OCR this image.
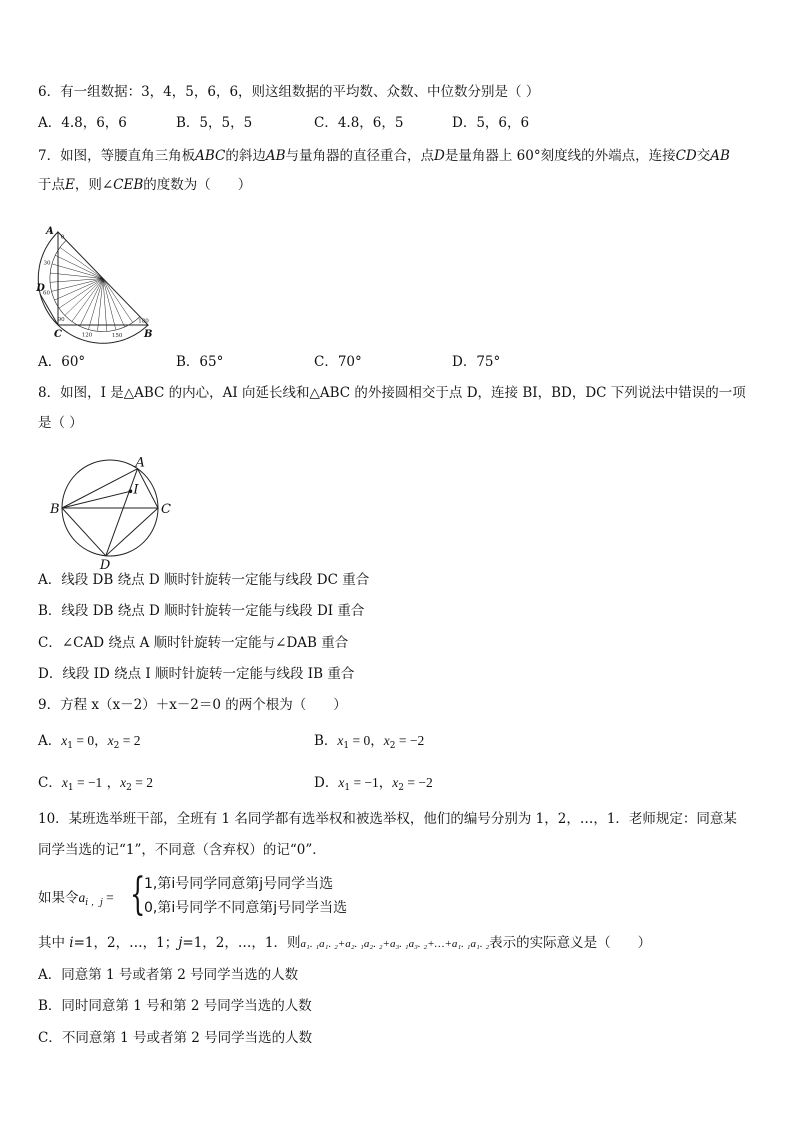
6．有一组数据：3，4，5，6，6，则这组数据的平均数、众数、中位数分别是（ ）
A．4.8，6，6	B．5，5，5	C．4.8，6，5	D．5，6，6
7．如图，等腰直角三角板ABC的斜边AB与量角器的直径重合，点D是量角器上 60°刻度线的外端点，连接CD交AB
于点E，则∠CEB的度数为（　　）
0
30
60
90
120	150
180
A
B
C
D
A．60°	B．65°	C．70°	D．75°
8．如图，I 是△ABC 的内心，AI 向延长线和△ABC 的外接圆相交于点 D，连接 BI，BD，DC 下列说法中错误的一项
是（ ）
A
B	C
D
I
A．线段 DB 绕点 D 顺时针旋转一定能与线段 DC 重合
B．线段 DB 绕点 D 顺时针旋转一定能与线段 DI 重合
C．∠CAD 绕点 A 顺时针旋转一定能与∠DAB 重合
D．线段 ID 绕点 I 顺时针旋转一定能与线段 IB 重合
9．方程 x（x－2）＋x－2＝0 的两个根为（　　）
A．$x_1 = 0$，$x_2 = 2$	B．$x_1 = 0$，$x_2 = -2$
C．$x_1 = -1$ ，$x_2 = 2$	D．$x_1 = -1$，$x_2 = -2$
10．某班选举班干部，全班有 1 名同学都有选举权和被选举权，他们的编号分别为 1，2，…，1．老师规定：同意某
同学当选的记“1”，不同意（含弃权）的记“0”．
如果令$a_{i ,j}$ = {
1,第i号同学同意第j号同学当选
0,第i号同学不同意第j号同学当选
其中 i=1，2，…，1；j=1，2，…，1．则a₁. ₁a₁. ₂+a₂. ₁a₂. ₂+a₃. ₁a₃. ₂+…+a₁. ₁a₁. ₂表示的实际意义是（　　）
A．同意第 1 号或者第 2 号同学当选的人数
B．同时同意第 1 号和第 2 号同学当选的人数
C．不同意第 1 号或者第 2 号同学当选的人数
